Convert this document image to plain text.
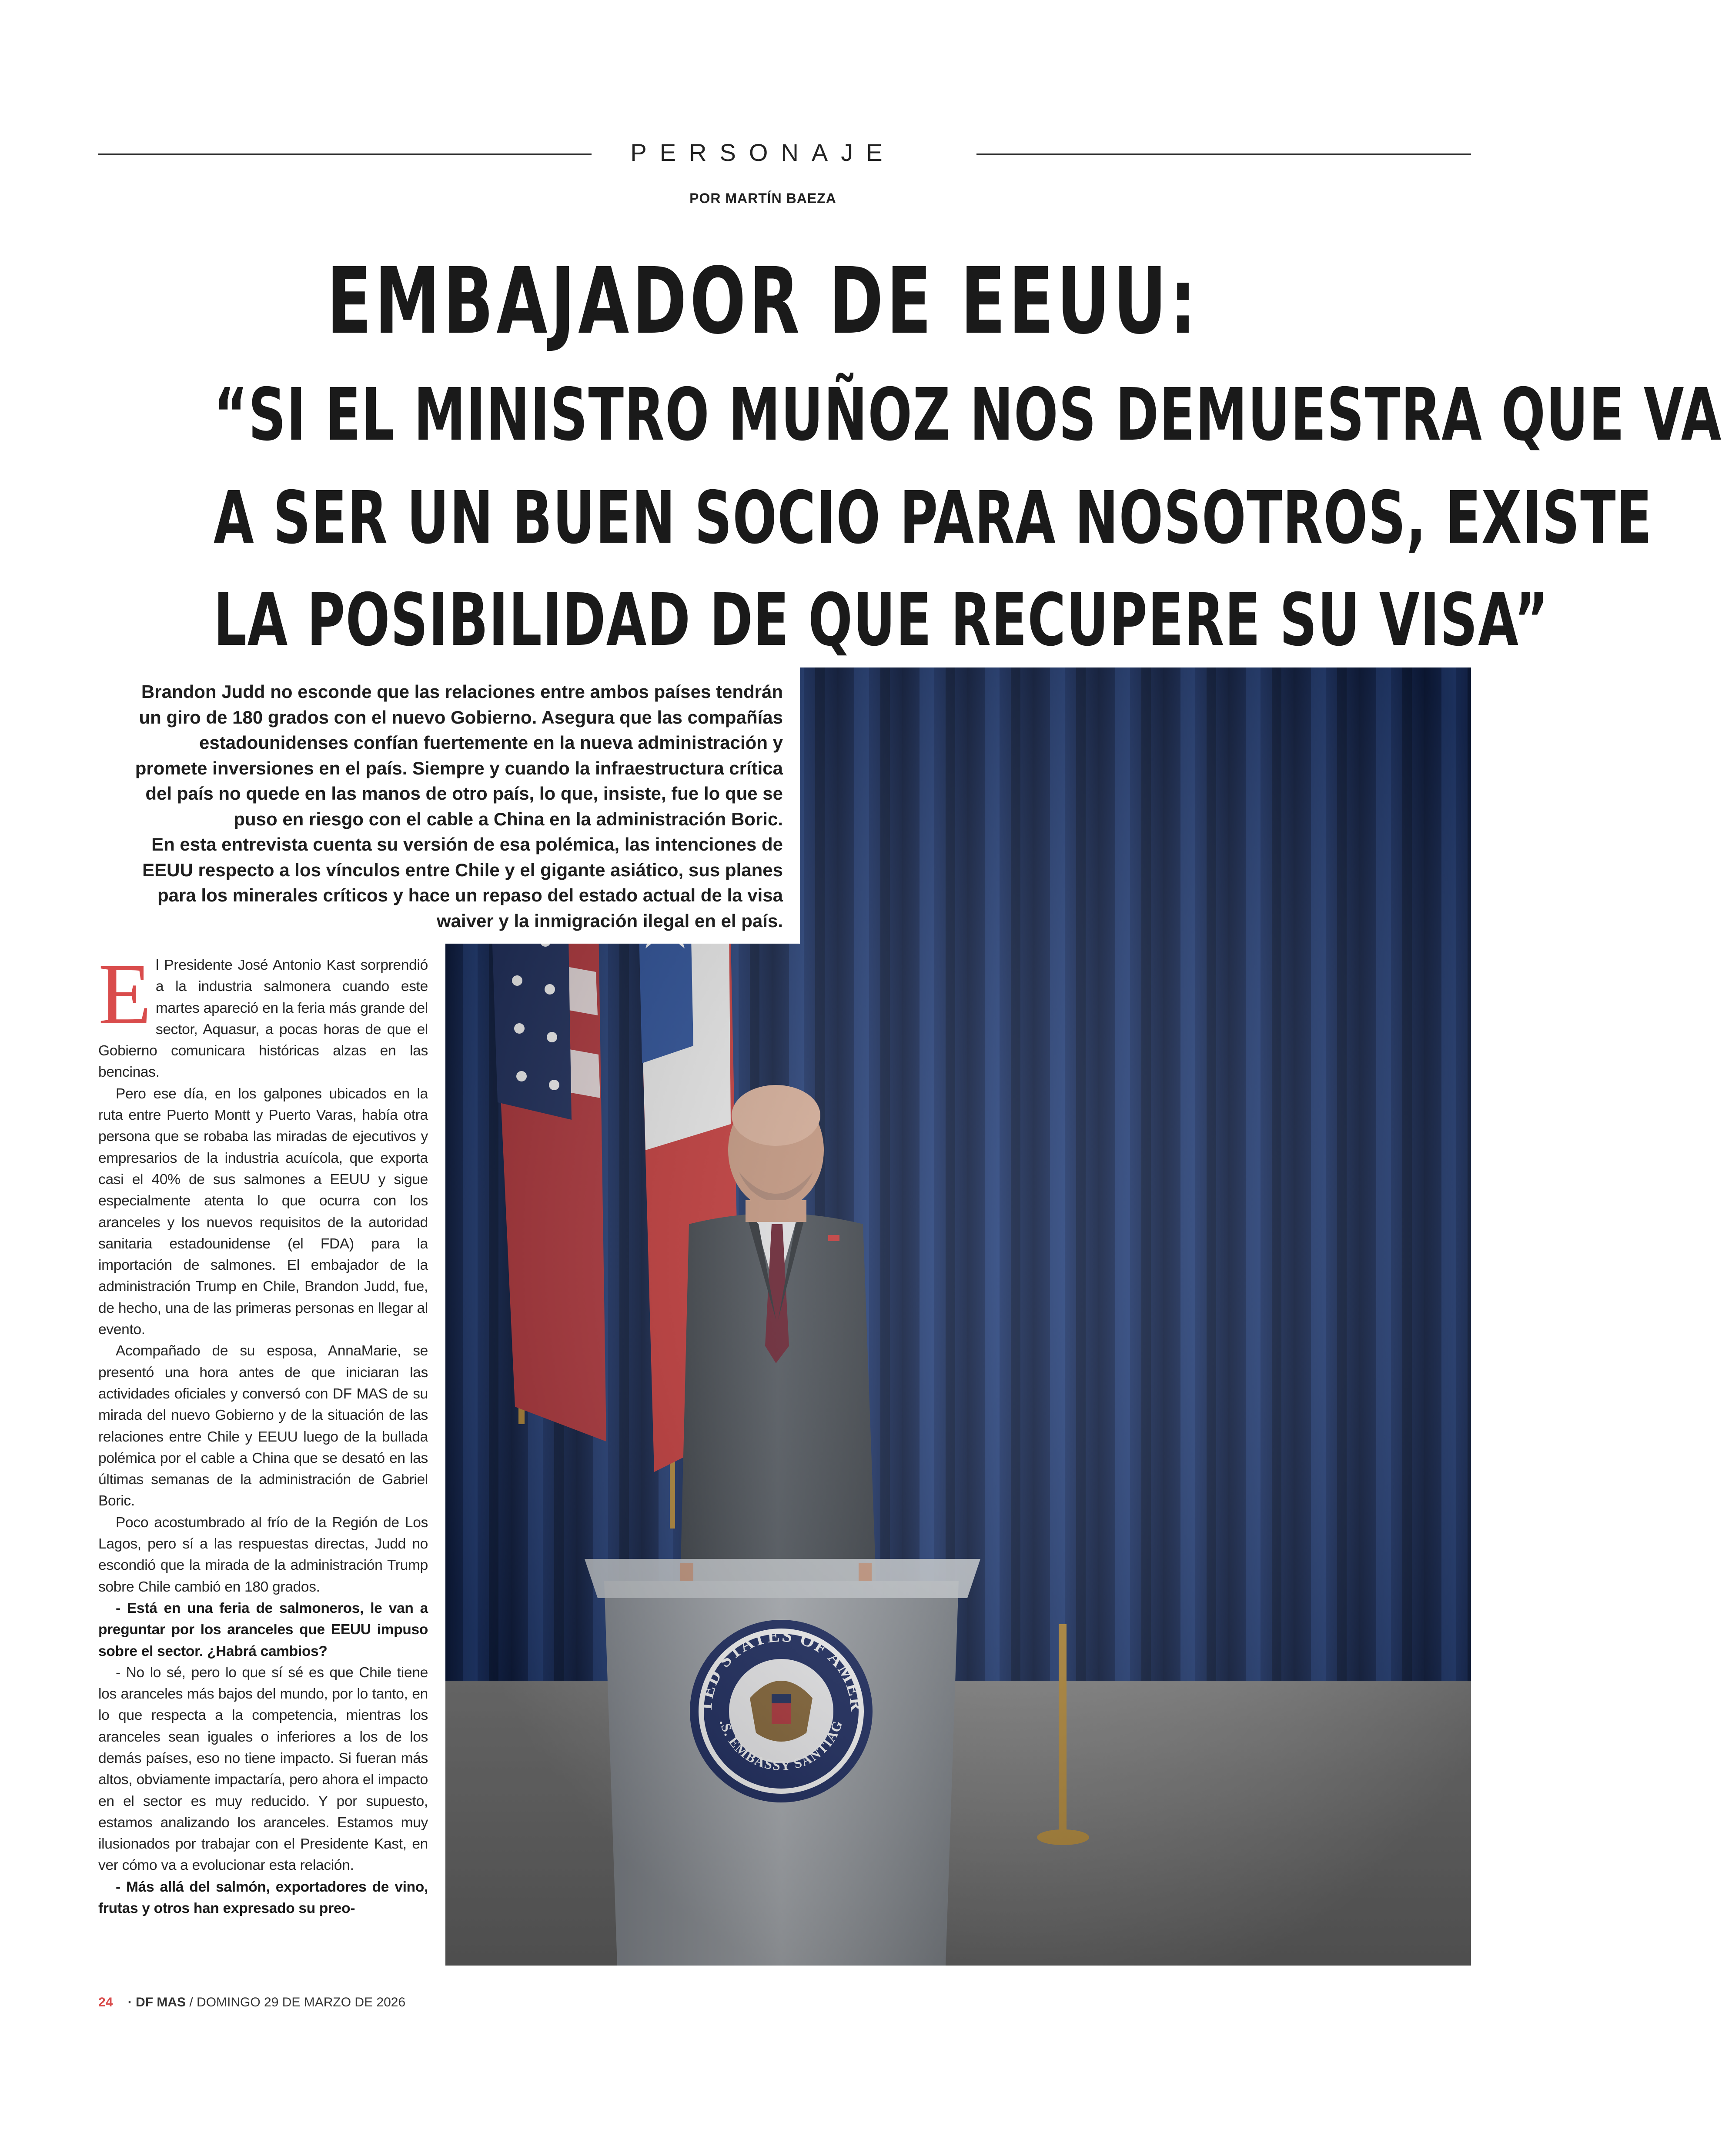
PERSONAJE
POR MARTÍN BAEZA
EMBAJADOR DE EEUU:
“SI EL MINISTRO MUÑOZ NOS DEMUESTRA QUE VA
A SER UN BUEN SOCIO PARA NOSOTROS, EXISTE
LA POSIBILIDAD DE QUE RECUPERE SU VISA”

Brandon Judd no esconde que las relaciones entre ambos países tendrán

un giro de 180 grados con el nuevo Gobierno. Asegura que las compañías

estadounidenses confían fuertemente en la nueva administración y

promete inversiones en el país. Siempre y cuando la infraestructura crítica

del país no quede en las manos de otro país, lo que, insiste, fue lo que se

puso en riesgo con el cable a China en la administración Boric.

En esta entrevista cuenta su versión de esa polémica, las intenciones de

EEUU respecto a los vínculos entre Chile y el gigante asiático, sus planes

para los minerales críticos y hace un repaso del estado actual de la visa

waiver y la inmigración ilegal en el país.

E l Presidente José Antonio Kast sorprendió a la industria salmonera cuando este martes apareció en la feria más grande del sector, Aquasur, a pocas horas de que el Gobierno comunicara históricas alzas en las bencinas.

Pero ese día, en los galpones ubicados en la ruta entre Puerto Montt y Puerto Varas, había otra persona que se robaba las miradas de ejecutivos y empresarios de la industria acuícola, que exporta casi el 40% de sus salmones a EEUU y sigue especialmente atenta lo que ocurra con los aranceles y los nuevos requisitos de la autoridad sanitaria estadounidense (el FDA) para la importación de salmones. El embajador de la administración Trump en Chile, Brandon Judd, fue, de hecho, una de las primeras personas en llegar al evento.

Acompañado de su esposa, AnnaMarie, se presentó una hora antes de que iniciaran las actividades oficiales y conversó con DF MAS de su mirada del nuevo Gobierno y de la situación de las relaciones entre Chile y EEUU luego de la bullada polémica por el cable a China que se desató en las últimas semanas de la administración de Gabriel Boric.

Poco acostumbrado al frío de la Región de Los Lagos, pero sí a las respuestas directas, Judd no escondió que la mirada de la administración Trump sobre Chile cambió en 180 grados.

- Está en una feria de salmoneros, le van a preguntar por los aranceles que EEUU impuso sobre el sector. ¿Habrá cambios?

- No lo sé, pero lo que sí sé es que Chile tiene los aranceles más bajos del mundo, por lo tanto, en lo que respecta a la competencia, mientras los aranceles sean iguales o inferiores a los de los demás países, eso no tiene impacto. Si fueran más altos, obviamente impactaría, pero ahora el impacto en el sector es muy reducido. Y por supuesto, estamos analizando los aranceles. Estamos muy ilusionados por trabajar con el Presidente Kast, en ver cómo va a evolucionar esta relación.

- Más allá del salmón, exportadores de vino, frutas y otros han expresado su preo-

24 · DF MAS / DOMINGO 29 DE MARZO DE 2026
